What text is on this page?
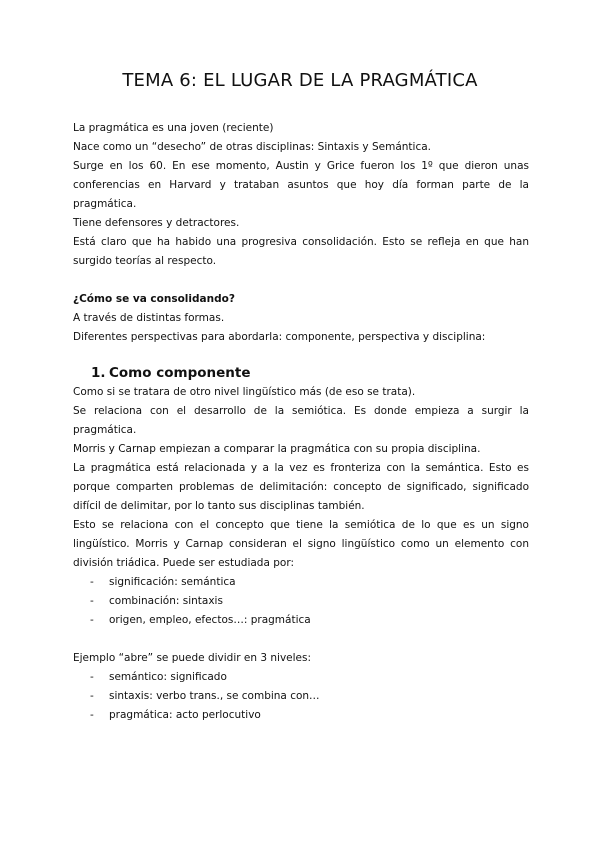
TEMA 6: EL LUGAR DE LA PRAGMÁTICA

La pragmática es una joven (reciente)

Nace como un “desecho” de otras disciplinas: Sintaxis y Semántica.

Surge en los 60. En ese momento, Austin y Grice fueron los 1º que dieron unas conferencias en Harvard y trataban asuntos que hoy día forman parte de la pragmática.

Tiene defensores y detractores.

Está claro que ha habido una progresiva consolidación. Esto se refleja en que han surgido teorías al respecto.

¿Cómo se va consolidando?

A través de distintas formas.

Diferentes perspectivas para abordarla: componente, perspectiva y disciplina:

1. Como componente

Como si se tratara de otro nivel lingüístico más (de eso se trata).

Se relaciona con el desarrollo de la semiótica. Es donde empieza a surgir la pragmática.

Morris y Carnap empiezan a comparar la pragmática con su propia disciplina.

La pragmática está relacionada y a la vez es fronteriza con la semántica. Esto es porque comparten problemas de delimitación: concepto de significado, significado difícil de delimitar, por lo tanto sus disciplinas también.

Esto se relaciona con el concepto que tiene la semiótica de lo que es un signo lingüístico. Morris y Carnap consideran el signo lingüístico como un elemento con división triádica. Puede ser estudiada por:

- significación: semántica
- combinación: sintaxis
- origen, empleo, efectos…: pragmática

Ejemplo “abre” se puede dividir en 3 niveles:

- semántico: significado
- sintaxis: verbo trans., se combina con…
- pragmática: acto perlocutivo
